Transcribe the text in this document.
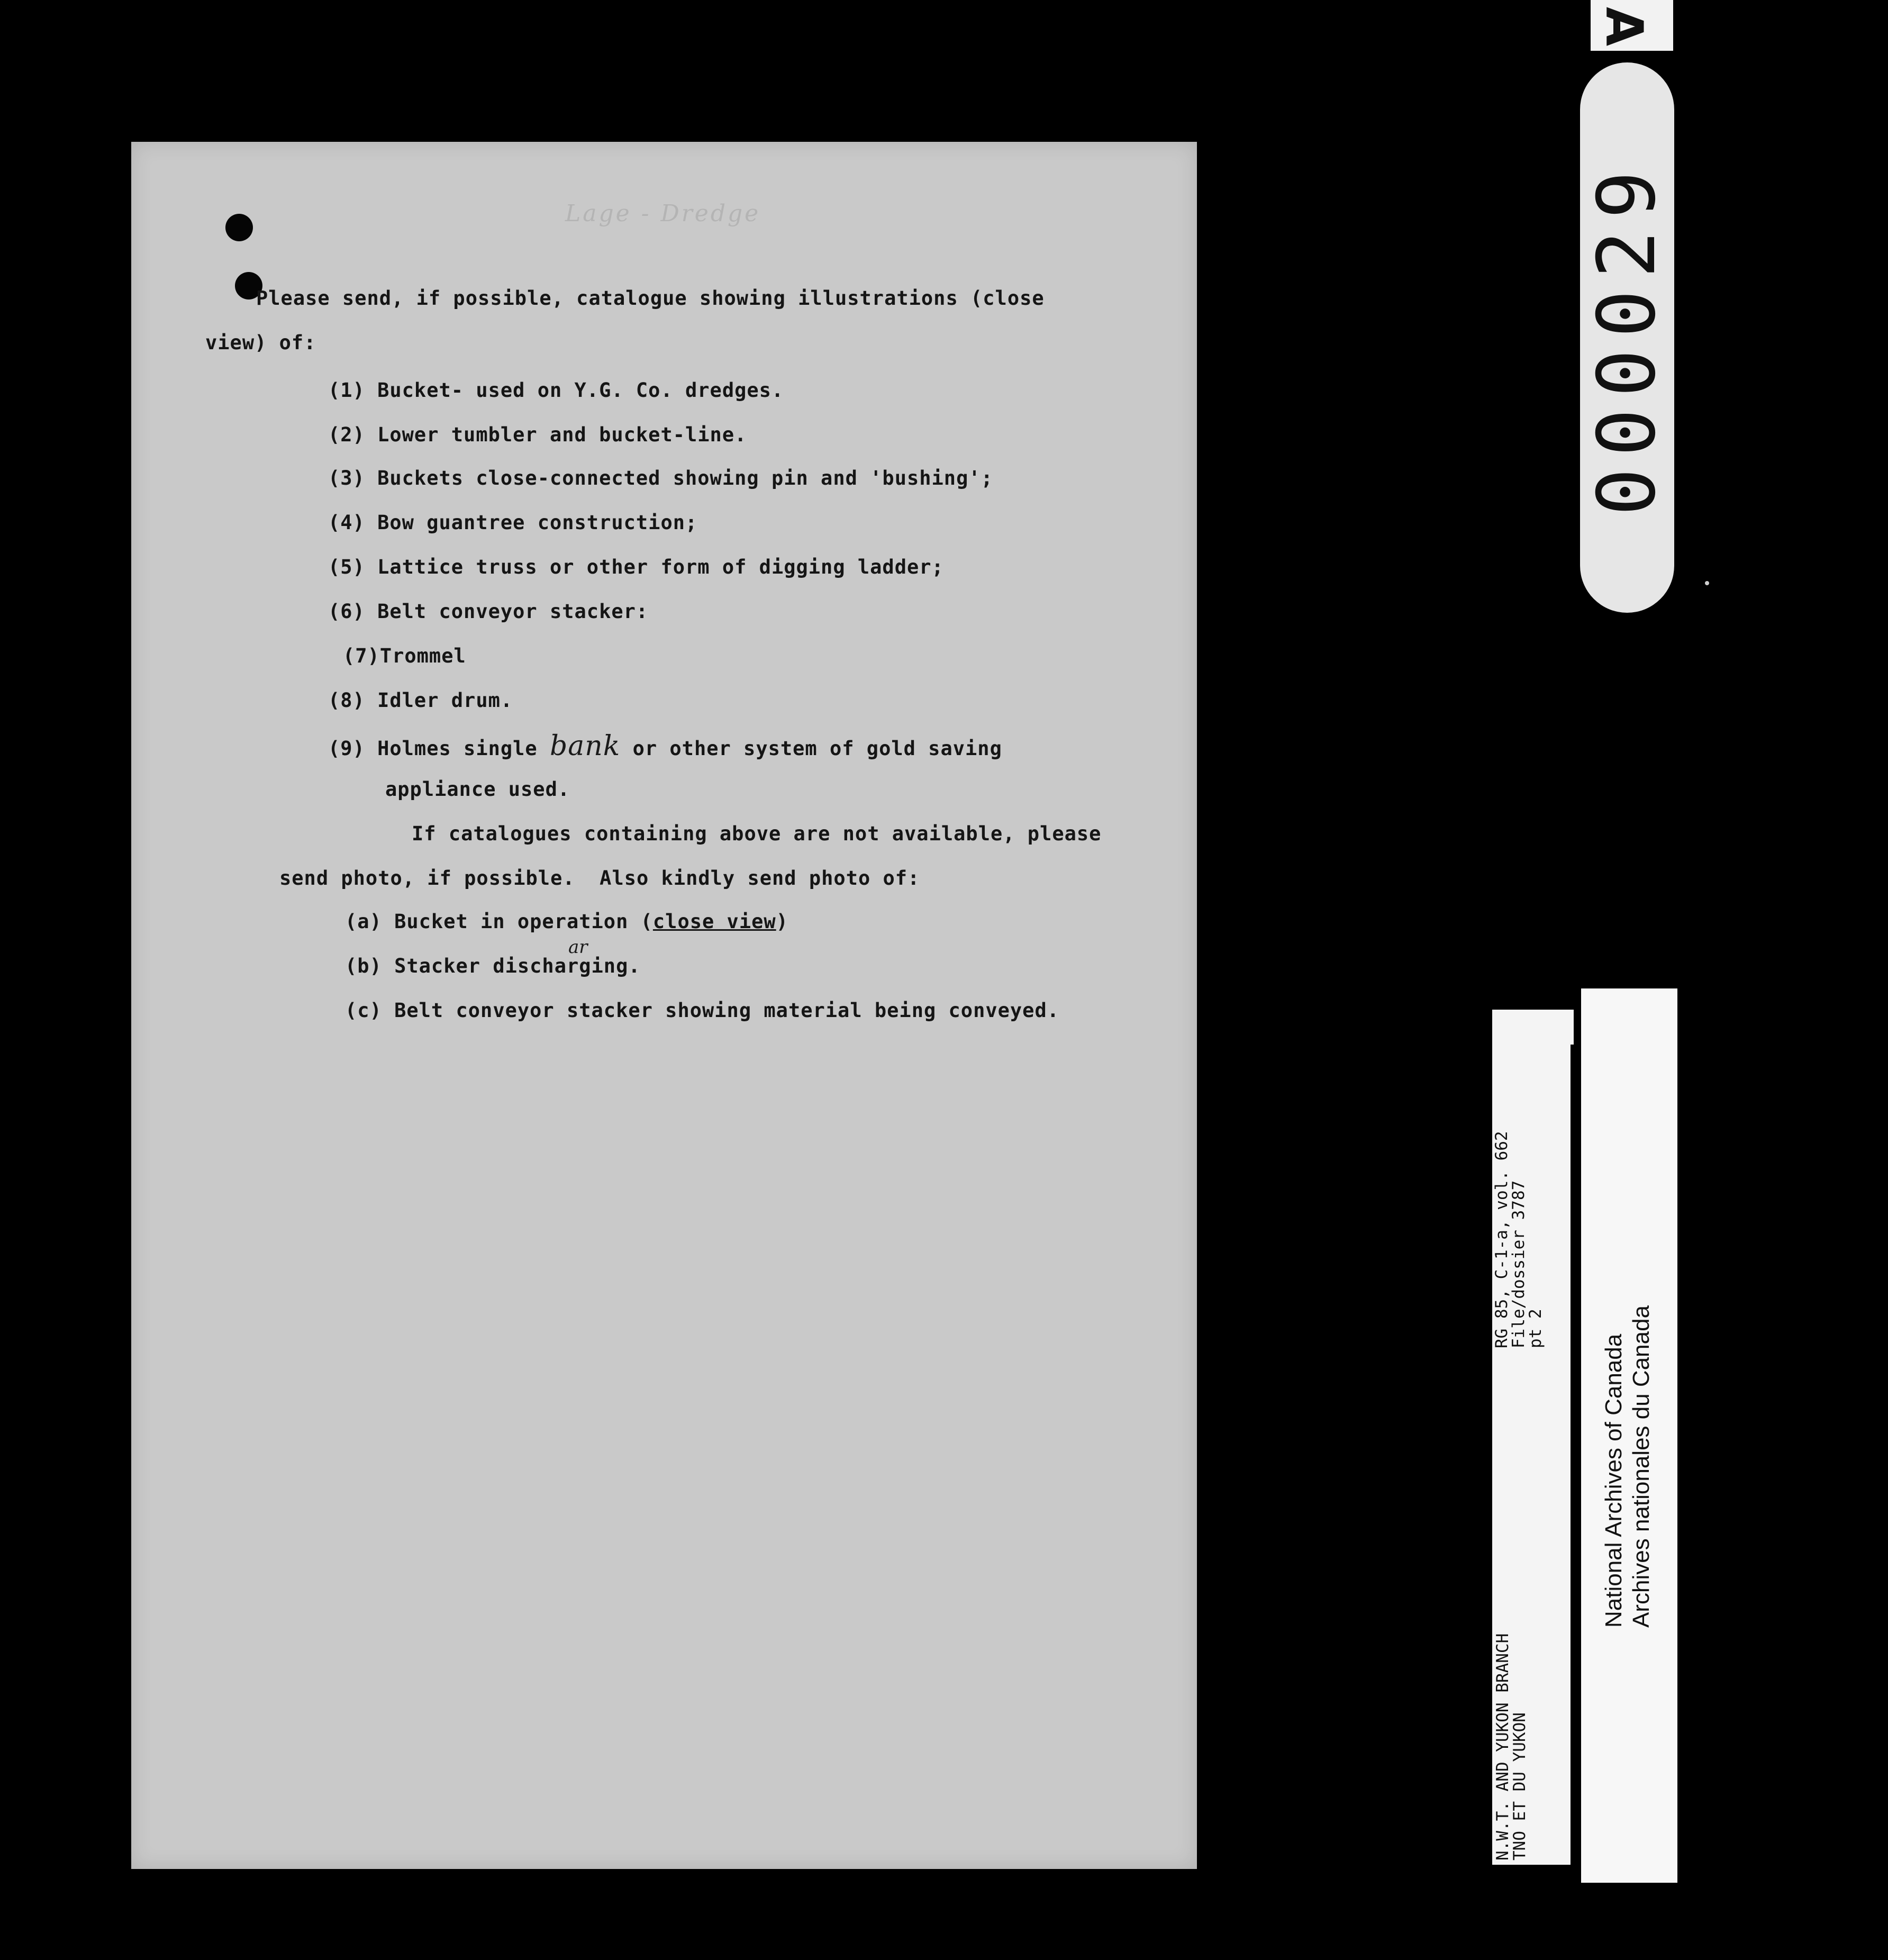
Lage - Dredge
Please send, if possible, catalogue showing illustrations (close
view) of:
(1) Bucket- used on Y.G. Co. dredges.
(2) Lower tumbler and bucket-line.
(3) Buckets close-connected showing pin and 'bushing';
(4) Bow guantree construction;
(5) Lattice truss or other form of digging ladder;
(6) Belt conveyor stacker:
(7)Trommel
(8) Idler drum.
(9) Holmes single bank or other system of gold saving
appliance used.
If catalogues containing above are not available, please
send photo, if possible.  Also kindly send photo of:
(a) Bucket in operation (close view)
ar
(b) Stacker discharging.
(c) Belt conveyor stacker showing material being conveyed.
A
000029
N.W.T. AND YUKON BRANCH
TNO ET DU YUKON
RG 85, C-1-a, vol. 662
File/dossier 3787
pt 2
National Archives of Canada
Archives nationales du Canada
